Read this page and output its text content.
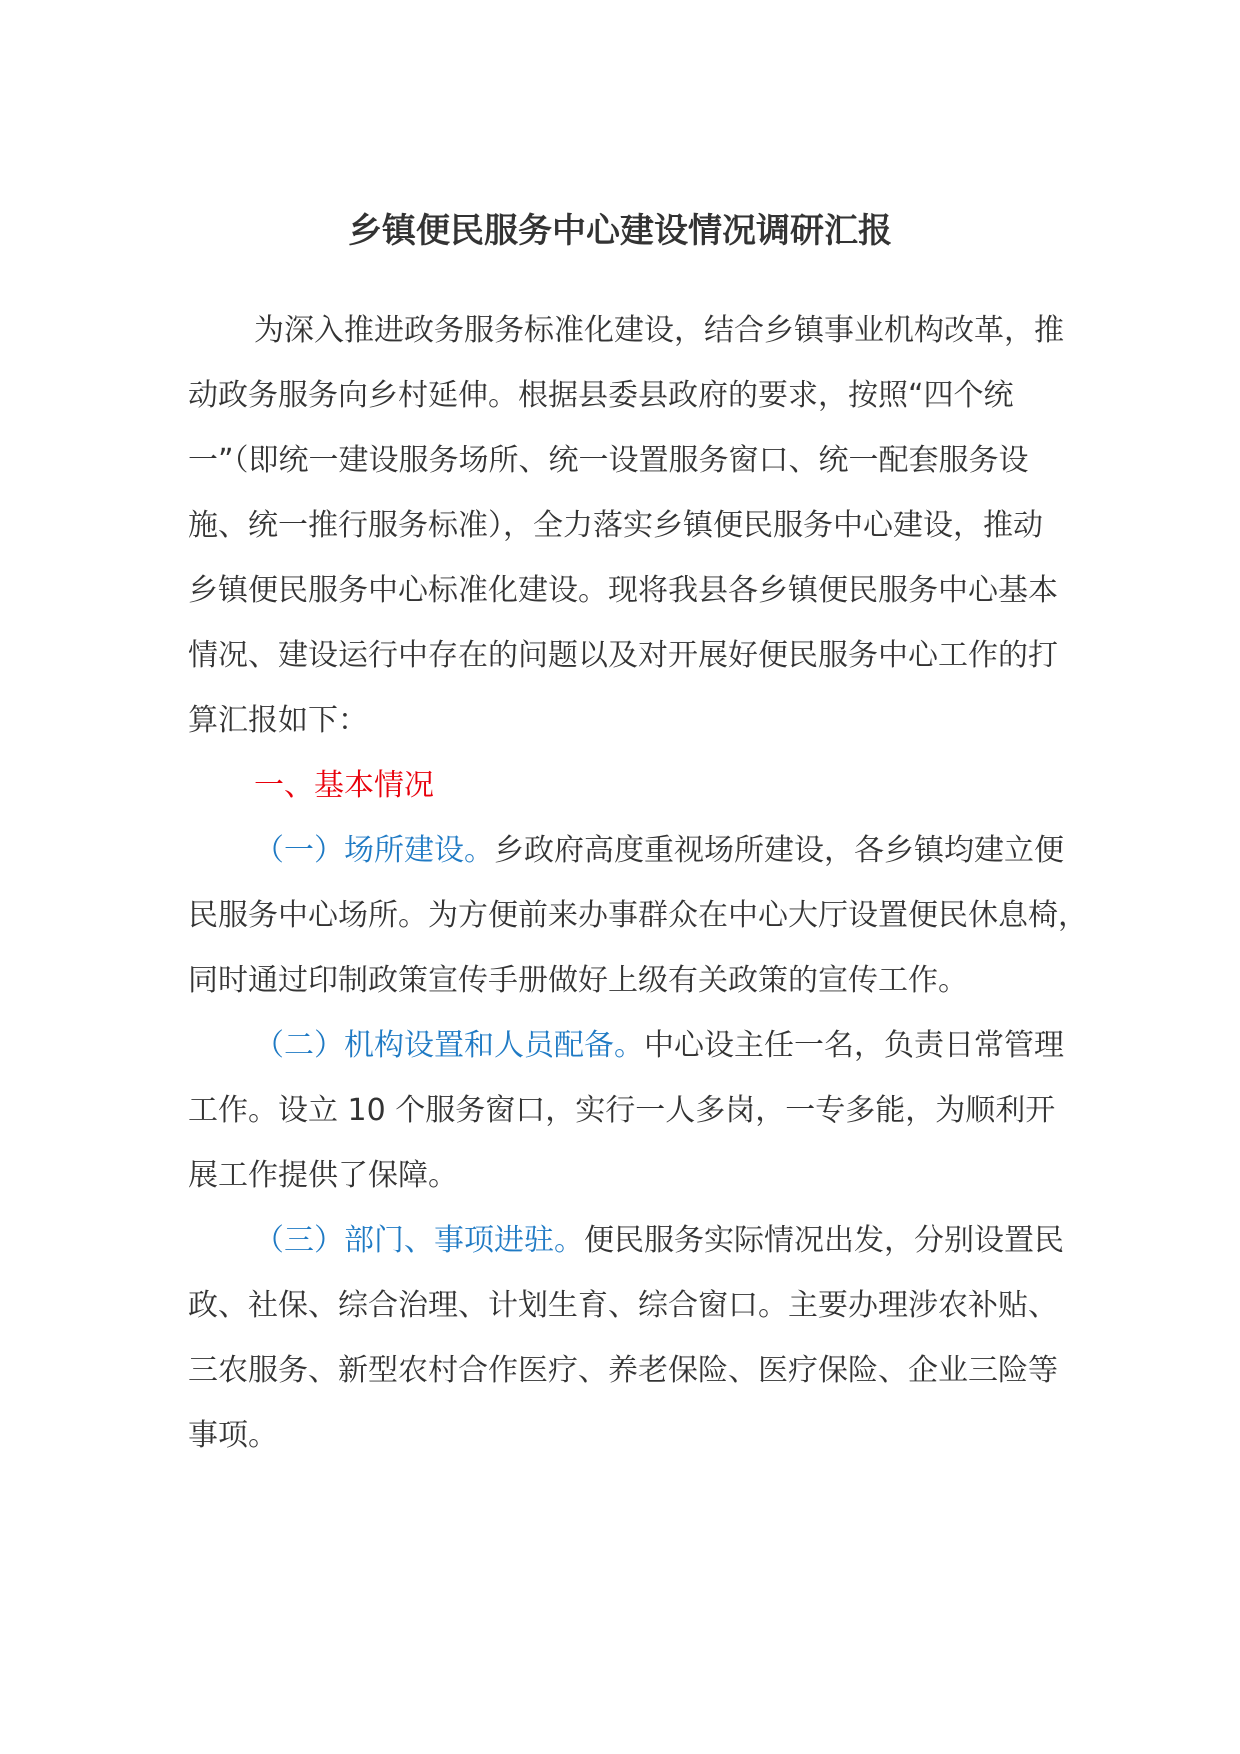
乡镇便民服务中心建设情况调研汇报
为深入推进政务服务标准化建设，结合乡镇事业机构改革，推
动政务服务向乡村延伸。根据县委县政府的要求，按照“四个统
一”（即统一建设服务场所、统一设置服务窗口、统一配套服务设
施、统一推行服务标准），全力落实乡镇便民服务中心建设，推动
乡镇便民服务中心标准化建设。现将我县各乡镇便民服务中心基本
情况、建设运行中存在的问题以及对开展好便民服务中心工作的打
算汇报如下：
一、基本情况
（一）场所建设。乡政府高度重视场所建设，各乡镇均建立便
民服务中心场所。为方便前来办事群众在中心大厅设置便民休息椅，
同时通过印制政策宣传手册做好上级有关政策的宣传工作。
（二）机构设置和人员配备。中心设主任一名，负责日常管理
工作。设立 10 个服务窗口，实行一人多岗，一专多能，为顺利开
展工作提供了保障。
（三）部门、事项进驻。便民服务实际情况出发，分别设置民
政、社保、综合治理、计划生育、综合窗口。主要办理涉农补贴、
三农服务、新型农村合作医疗、养老保险、医疗保险、企业三险等
事项。
